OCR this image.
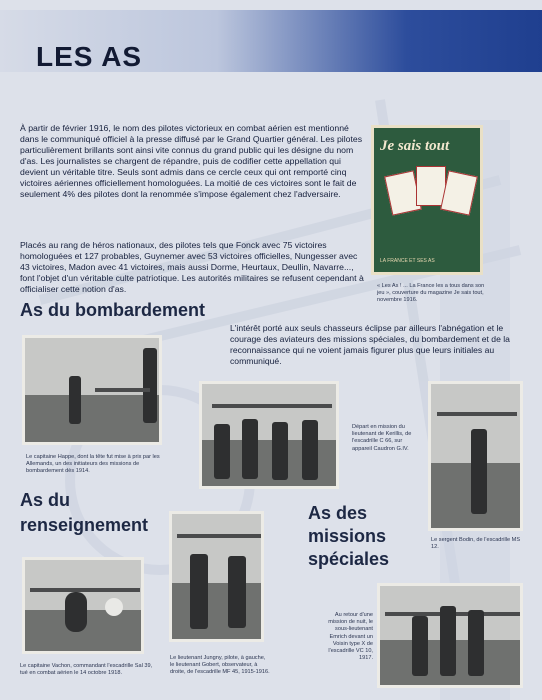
LES AS

À partir de février 1916, le nom des pilotes victorieux en combat aérien est mentionné dans le communiqué officiel à la presse diffusé par le Grand Quartier général. Les pilotes particulièrement brillants sont ainsi vite connus du grand public qui les désigne du nom d'as. Les journalistes se chargent de répandre, puis de codifier cette appellation qui devient un véritable titre. Seuls sont admis dans ce cercle ceux qui ont remporté cinq victoires aériennes officiellement homologuées. La moitié de ces victoires sont le fait de seulement 4% des pilotes dont la renommée s'impose également chez l'adversaire.

Placés au rang de héros nationaux, des pilotes tels que Fonck avec 75 victoires homologuées et 127 probables, Guynemer avec 53 victoires officielles, Nungesser avec 43 victoires, Madon avec 41 victoires, mais aussi Dorme, Heurtaux, Deullin, Navarre..., font l'objet d'un véritable culte patriotique. Les autorités militaires se refusent cependant à officialiser cette notion d'as.

Je sais tout
LA FRANCE ET SES AS

« Les As ! ... La France les a tous dans son jeu », couverture du magazine Je sais tout, novembre 1916.

As du bombardement

L'intérêt porté aux seuls chasseurs éclipse par ailleurs l'abnégation et le courage des aviateurs des missions spéciales, du bombardement et de la reconnaissance qui ne voient jamais figurer plus que leurs initiales au communiqué.

Le capitaine Happe, dont la tête fut mise à prix par les Allemands, un des initiateurs des missions de bombardement dès 1914.

Départ en mission du lieutenant de Kerillis, de l'escadrille C 66, sur appareil Caudron G.IV.

Le sergent Bodin, de l'escadrille MS 12.

As du renseignement

Le capitaine Vachon, commandant l'escadrille Sal 39, tué en combat aérien le 14 octobre 1918.

Le lieutenant Jungny, pilote, à gauche, le lieutenant Gobert, observateur, à droite, de l'escadrille MF 45, 1915-1916.

As des missions spéciales

Au retour d'une mission de nuit, le sous-lieutenant Emrich devant un Voisin type X de l'escadrille VC 10, 1917.
